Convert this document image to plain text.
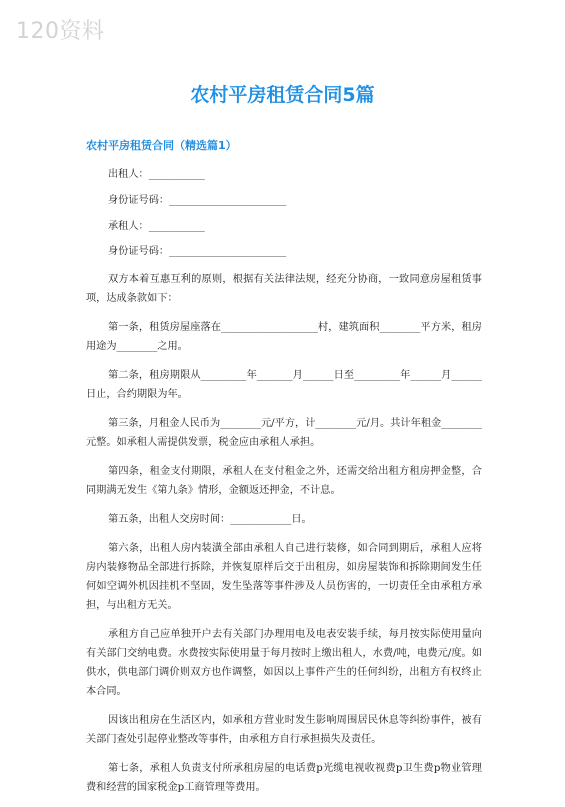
120资料
农村平房租赁合同5篇
农村平房租赁合同（精选篇1）
出租人：___________
身份证号码：_______________________
承租人：___________
身份证号码：_______________________

双方本着互惠互利的原则，根据有关法律法规，经充分协商，一致同意房屋租赁事项，达成条款如下：

第一条，租赁房屋座落在___________________村，建筑面积________平方米，租房用途为________之用。

第二条，租房期限从_________年_______月______日至_________年______月______日止，合约期限为年。

第三条，月租金人民币为________元/平方，计________元/月。共计年租金________元整。如承租人需提供发票，税金应由承租人承担。

第四条，租金支付期限，承租人在支付租金之外，还需交给出租方租房押金整，合同期满无发生《第九条》情形，金额返还押金，不计息。

第五条，出租人交房时间：____________日。

第六条，出租人房内装潢全部由承租人自己进行装修，如合同到期后，承租人应将房内装修物品全部进行拆除，并恢复原样后交于出租房，如房屋装饰和拆除期间发生任何如空调外机因挂机不坚固，发生坠落等事件涉及人员伤害的，一切责任全由承租方承担，与出租方无关。

承租方自己应单独开户去有关部门办理用电及电表安装手续，每月按实际使用量向有关部门交纳电费。水费按实际使用量于每月按时上缴出租人，水费/吨，电费元/度。如供水，供电部门调价则双方也作调整，如因以上事件产生的任何纠纷，出租方有权终止本合同。

因该出租房在生活区内，如承租方营业时发生影响周围居民休息等纠纷事件，被有关部门查处引起停业整改等事件，由承租方自行承担损失及责任。

第七条，承租人负责支付所承租房屋的电话费p光缆电视收视费p卫生费p物业管理费和经营的国家税金p工商管理等费用。
